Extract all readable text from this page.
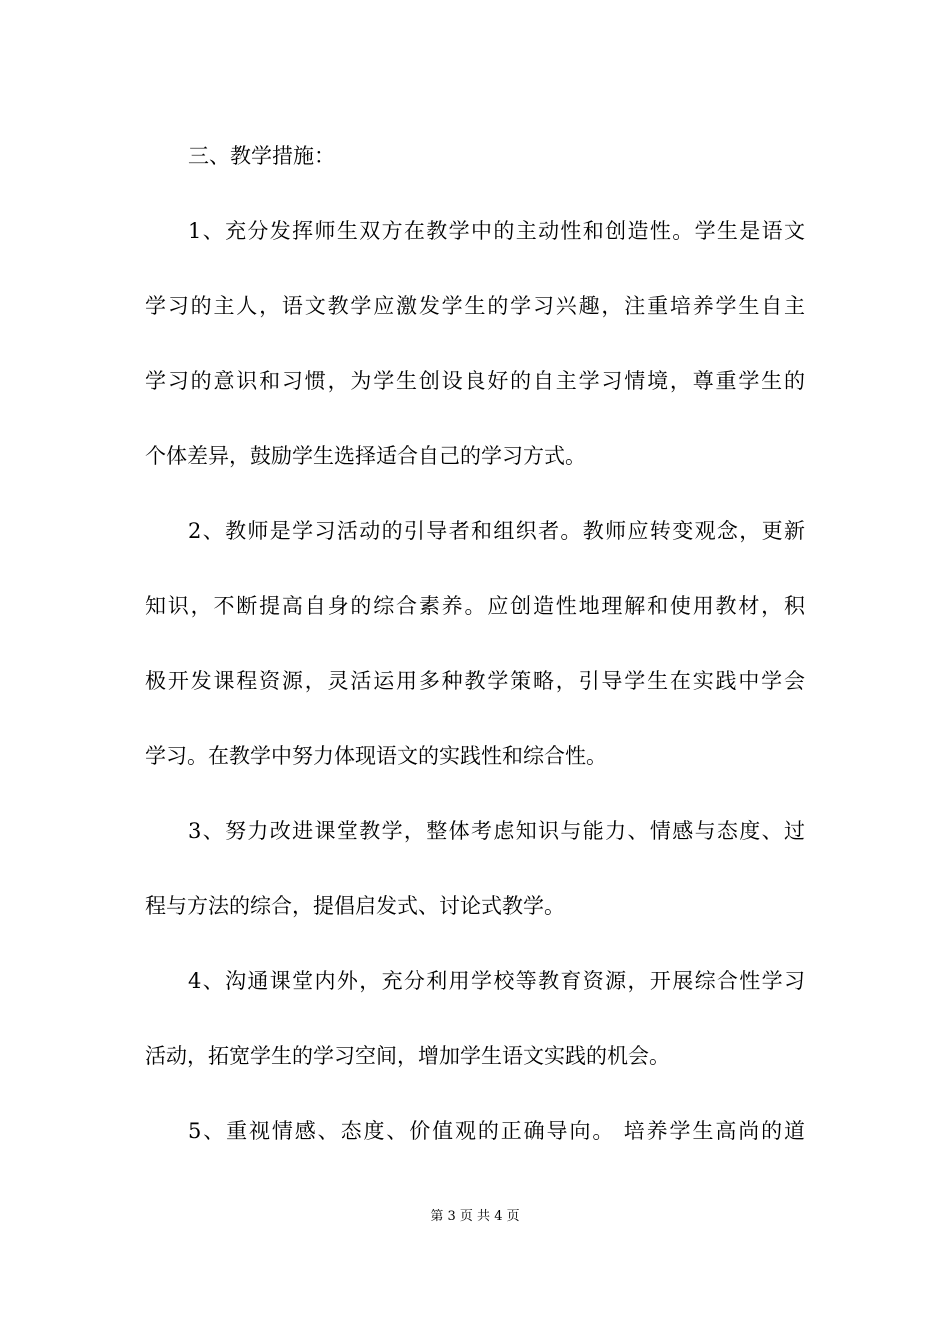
三、教学措施：
1、充分发挥师生双方在教学中的主动性和创造性。学生是语文
学习的主人，语文教学应激发学生的学习兴趣，注重培养学生自主
学习的意识和习惯，为学生创设良好的自主学习情境，尊重学生的
个体差异，鼓励学生选择适合自己的学习方式。
2、教师是学习活动的引导者和组织者。教师应转变观念，更新
知识，不断提高自身的综合素养。应创造性地理解和使用教材，积
极开发课程资源，灵活运用多种教学策略，引导学生在实践中学会
学习。在教学中努力体现语文的实践性和综合性。
3、努力改进课堂教学，整体考虑知识与能力、情感与态度、过
程与方法的综合，提倡启发式、讨论式教学。
4、沟通课堂内外，充分利用学校等教育资源，开展综合性学习
活动，拓宽学生的学习空间，增加学生语文实践的机会。
5、重视情感、态度、价值观的正确导向。 培养学生高尚的道
第 3 页 共 4 页
